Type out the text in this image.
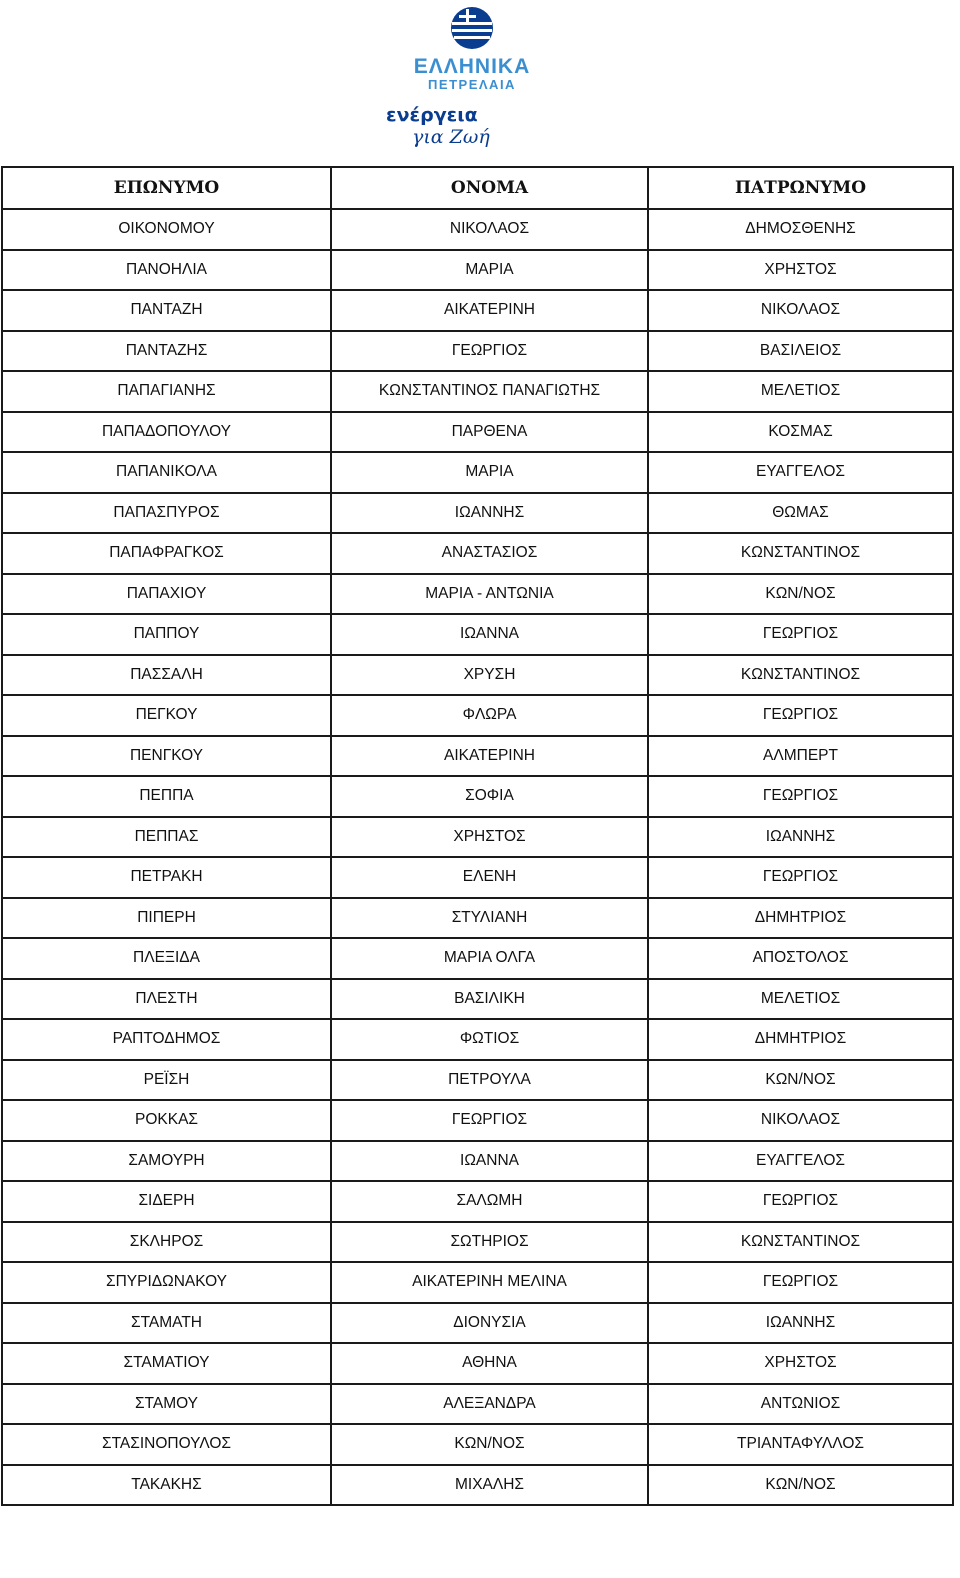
ΕΛΛΗΝΙΚΑ
ΠΕΤΡΕΛΑΙΑ
ενέργεια
για Ζωή
ΕΠΩΝΥΜΟ	ΟΝΟΜΑ	ΠΑΤΡΩΝΥΜΟ
ΟΙΚΟΝΟΜΟΥ	ΝΙΚΟΛΑΟΣ	ΔΗΜΟΣΘΕΝΗΣ
ΠΑΝΟΗΛΙΑ	ΜΑΡΙΑ	ΧΡΗΣΤΟΣ
ΠΑΝΤΑΖΗ	ΑΙΚΑΤΕΡΙΝΗ	ΝΙΚΟΛΑΟΣ
ΠΑΝΤΑΖΗΣ	ΓΕΩΡΓΙΟΣ	ΒΑΣΙΛΕΙΟΣ
ΠΑΠΑΓΙΑΝΗΣ	ΚΩΝΣΤΑΝΤΙΝΟΣ ΠΑΝΑΓΙΩΤΗΣ	ΜΕΛΕΤΙΟΣ
ΠΑΠΑΔΟΠΟΥΛΟΥ	ΠΑΡΘΕΝΑ	ΚΟΣΜΑΣ
ΠΑΠΑΝΙΚΟΛΑ	ΜΑΡΙΑ	ΕΥΑΓΓΕΛΟΣ
ΠΑΠΑΣΠΥΡΟΣ	ΙΩΑΝΝΗΣ	ΘΩΜΑΣ
ΠΑΠΑΦΡΑΓΚΟΣ	ΑΝΑΣΤΑΣΙΟΣ	ΚΩΝΣΤΑΝΤΙΝΟΣ
ΠΑΠΑΧΙΟΥ	ΜΑΡΙΑ - ΑΝΤΩΝΙΑ	ΚΩΝ/ΝΟΣ
ΠΑΠΠΟΥ	ΙΩΑΝΝΑ	ΓΕΩΡΓΙΟΣ
ΠΑΣΣΑΛΗ	ΧΡΥΣΗ	ΚΩΝΣΤΑΝΤΙΝΟΣ
ΠΕΓΚΟΥ	ΦΛΩΡΑ	ΓΕΩΡΓΙΟΣ
ΠΕΝΓΚΟΥ	ΑΙΚΑΤΕΡΙΝΗ	ΑΛΜΠΕΡΤ
ΠΕΠΠΑ	ΣΟΦΙΑ	ΓΕΩΡΓΙΟΣ
ΠΕΠΠΑΣ	ΧΡΗΣΤΟΣ	ΙΩΑΝΝΗΣ
ΠΕΤΡΑΚΗ	ΕΛΕΝΗ	ΓΕΩΡΓΙΟΣ
ΠΙΠΕΡΗ	ΣΤΥΛΙΑΝΗ	ΔΗΜΗΤΡΙΟΣ
ΠΛΕΞΙΔΑ	ΜΑΡΙΑ ΟΛΓΑ	ΑΠΟΣΤΟΛΟΣ
ΠΛΕΣΤΗ	ΒΑΣΙΛΙΚΗ	ΜΕΛΕΤΙΟΣ
ΡΑΠΤΟΔΗΜΟΣ	ΦΩΤΙΟΣ	ΔΗΜΗΤΡΙΟΣ
ΡΕΪΣΗ	ΠΕΤΡΟΥΛΑ	ΚΩΝ/ΝΟΣ
ΡΟΚΚΑΣ	ΓΕΩΡΓΙΟΣ	ΝΙΚΟΛΑΟΣ
ΣΑΜΟΥΡΗ	ΙΩΑΝΝΑ	ΕΥΑΓΓΕΛΟΣ
ΣΙΔΕΡΗ	ΣΑΛΩΜΗ	ΓΕΩΡΓΙΟΣ
ΣΚΛΗΡΟΣ	ΣΩΤΗΡΙΟΣ	ΚΩΝΣΤΑΝΤΙΝΟΣ
ΣΠΥΡΙΔΩΝΑΚΟΥ	ΑΙΚΑΤΕΡΙΝΗ ΜΕΛΙΝΑ	ΓΕΩΡΓΙΟΣ
ΣΤΑΜΑΤΗ	ΔΙΟΝΥΣΙΑ	ΙΩΑΝΝΗΣ
ΣΤΑΜΑΤΙΟΥ	ΑΘΗΝΑ	ΧΡΗΣΤΟΣ
ΣΤΑΜΟΥ	ΑΛΕΞΑΝΔΡΑ	ΑΝΤΩΝΙΟΣ
ΣΤΑΣΙΝΟΠΟΥΛΟΣ	ΚΩΝ/ΝΟΣ	ΤΡΙΑΝΤΑΦΥΛΛΟΣ
ΤΑΚΑΚΗΣ	ΜΙΧΑΛΗΣ	ΚΩΝ/ΝΟΣ
